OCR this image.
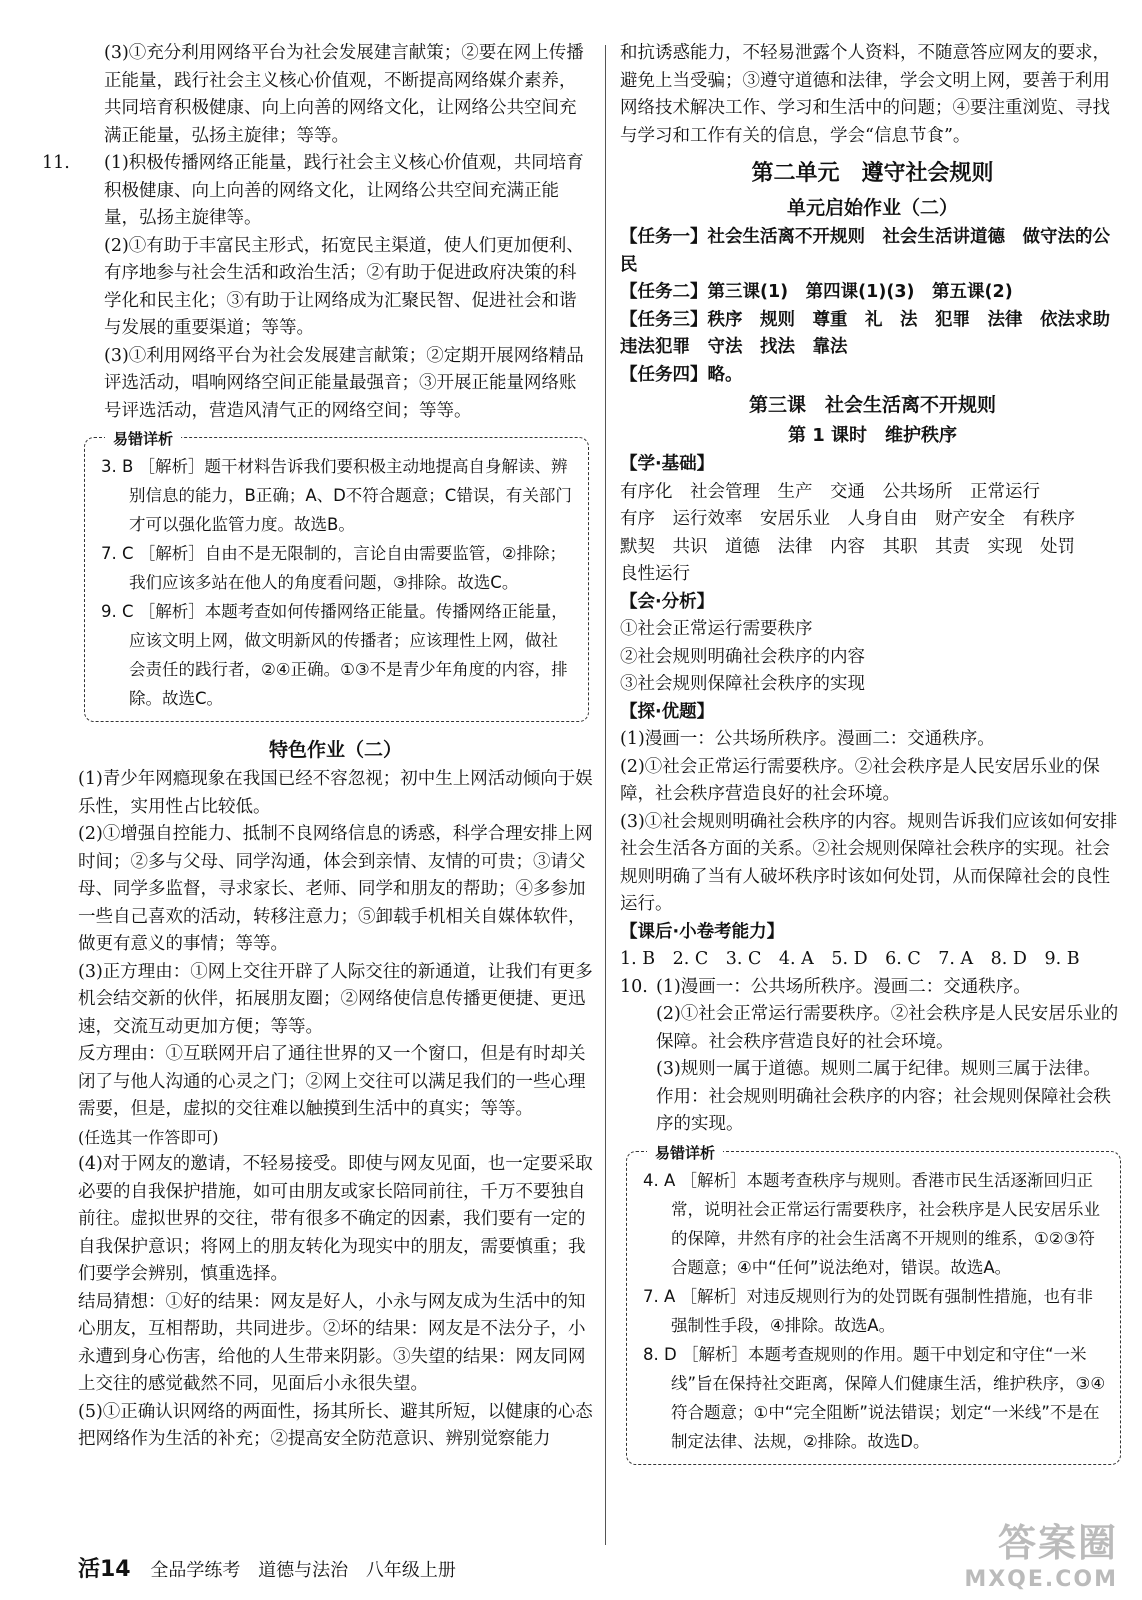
(3)①充分利用网络平台为社会发展建言献策；②要在网上传播正能量，践行社会主义核心价值观，不断提高网络媒介素养，共同培育积极健康、向上向善的网络文化，让网络公共空间充满正能量，弘扬主旋律；等等。

11. (1)积极传播网络正能量，践行社会主义核心价值观，共同培育积极健康、向上向善的网络文化，让网络公共空间充满正能量，弘扬主旋律等。

(2)①有助于丰富民主形式，拓宽民主渠道，使人们更加便利、有序地参与社会生活和政治生活；②有助于促进政府决策的科学化和民主化；③有助于让网络成为汇聚民智、促进社会和谐与发展的重要渠道；等等。

(3)①利用网络平台为社会发展建言献策；②定期开展网络精品评选活动，唱响网络空间正能量最强音；③开展正能量网络账号评选活动，营造风清气正的网络空间；等等。

易错详析

3. B ［解析］题干材料告诉我们要积极主动地提高自身解读、辨别信息的能力，B正确；A、D不符合题意；C错误，有关部门才可以强化监管力度。故选B。

7. C ［解析］自由不是无限制的，言论自由需要监管，②排除；我们应该多站在他人的角度看问题，③排除。故选C。

9. C ［解析］本题考查如何传播网络正能量。传播网络正能量，应该文明上网，做文明新风的传播者；应该理性上网，做社会责任的践行者，②④正确。①③不是青少年角度的内容，排除。故选C。

特色作业（二）

(1)青少年网瘾现象在我国已经不容忽视；初中生上网活动倾向于娱乐性，实用性占比较低。

(2)①增强自控能力、抵制不良网络信息的诱惑，科学合理安排上网时间；②多与父母、同学沟通，体会到亲情、友情的可贵；③请父母、同学多监督，寻求家长、老师、同学和朋友的帮助；④多参加一些自己喜欢的活动，转移注意力；⑤卸载手机相关自媒体软件，做更有意义的事情；等等。

(3)正方理由：①网上交往开辟了人际交往的新通道，让我们有更多机会结交新的伙伴，拓展朋友圈；②网络使信息传播更便捷、更迅速，交流互动更加方便；等等。

反方理由：①互联网开启了通往世界的又一个窗口，但是有时却关闭了与他人沟通的心灵之门；②网上交往可以满足我们的一些心理需要，但是，虚拟的交往难以触摸到生活中的真实；等等。

(任选其一作答即可)

(4)对于网友的邀请，不轻易接受。即使与网友见面，也一定要采取必要的自我保护措施，如可由朋友或家长陪同前往，千万不要独自前往。虚拟世界的交往，带有很多不确定的因素，我们要有一定的自我保护意识；将网上的朋友转化为现实中的朋友，需要慎重；我们要学会辨别，慎重选择。

结局猜想：①好的结果：网友是好人，小永与网友成为生活中的知心朋友，互相帮助，共同进步。②坏的结果：网友是不法分子，小永遭到身心伤害，给他的人生带来阴影。③失望的结果：网友同网上交往的感觉截然不同，见面后小永很失望。

(5)①正确认识网络的两面性，扬其所长、避其所短，以健康的心态把网络作为生活的补充；②提高安全防范意识、辨别觉察能力

和抗诱惑能力，不轻易泄露个人资料，不随意答应网友的要求，避免上当受骗；③遵守道德和法律，学会文明上网，要善于利用网络技术解决工作、学习和生活中的问题；④要注重浏览、寻找与学习和工作有关的信息，学会“信息节食”。

第二单元　遵守社会规则

单元启始作业（二）

【任务一】社会生活离不开规则　社会生活讲道德　做守法的公民

【任务二】第三课(1)　第四课(1)(3)　第五课(2)

【任务三】秩序　规则　尊重　礼　法　犯罪　法律　依法求助　违法犯罪　守法　找法　靠法

【任务四】略。

第三课　社会生活离不开规则

第 1 课时　维护秩序

【学·基础】

有序化　社会管理　生产　交通　公共场所　正常运行

有序　运行效率　安居乐业　人身自由　财产安全　有秩序

默契　共识　道德　法律　内容　其职　其责　实现　处罚

良性运行

【会·分析】

①社会正常运行需要秩序

②社会规则明确社会秩序的内容

③社会规则保障社会秩序的实现

【探·优题】

(1)漫画一：公共场所秩序。漫画二：交通秩序。

(2)①社会正常运行需要秩序。②社会秩序是人民安居乐业的保障，社会秩序营造良好的社会环境。

(3)①社会规则明确社会秩序的内容。规则告诉我们应该如何安排社会生活各方面的关系。②社会规则保障社会秩序的实现。社会规则明确了当有人破坏秩序时该如何处罚，从而保障社会的良性运行。

【课后·小卷考能力】

1. B　2. C　3. C　4. A　5. D　6. C　7. A　8. D　9. B

10. (1)漫画一：公共场所秩序。漫画二：交通秩序。

(2)①社会正常运行需要秩序。②社会秩序是人民安居乐业的保障。社会秩序营造良好的社会环境。

(3)规则一属于道德。规则二属于纪律。规则三属于法律。

作用：社会规则明确社会秩序的内容；社会规则保障社会秩序的实现。

易错详析

4. A ［解析］本题考查秩序与规则。香港市民生活逐渐回归正常，说明社会正常运行需要秩序，社会秩序是人民安居乐业的保障，井然有序的社会生活离不开规则的维系，①②③符合题意；④中“任何”说法绝对，错误。故选A。

7. A ［解析］对违反规则行为的处罚既有强制性措施，也有非强制性手段，④排除。故选A。

8. D ［解析］本题考查规则的作用。题干中划定和守住“一米线”旨在保持社交距离，保障人们健康生活，维护秩序，③④符合题意；①中“完全阻断”说法错误；划定“一米线”不是在制定法律、法规，②排除。故选D。

活14 全品学练考 道德与法治 八年级上册
答案圈
MXQE.COM
